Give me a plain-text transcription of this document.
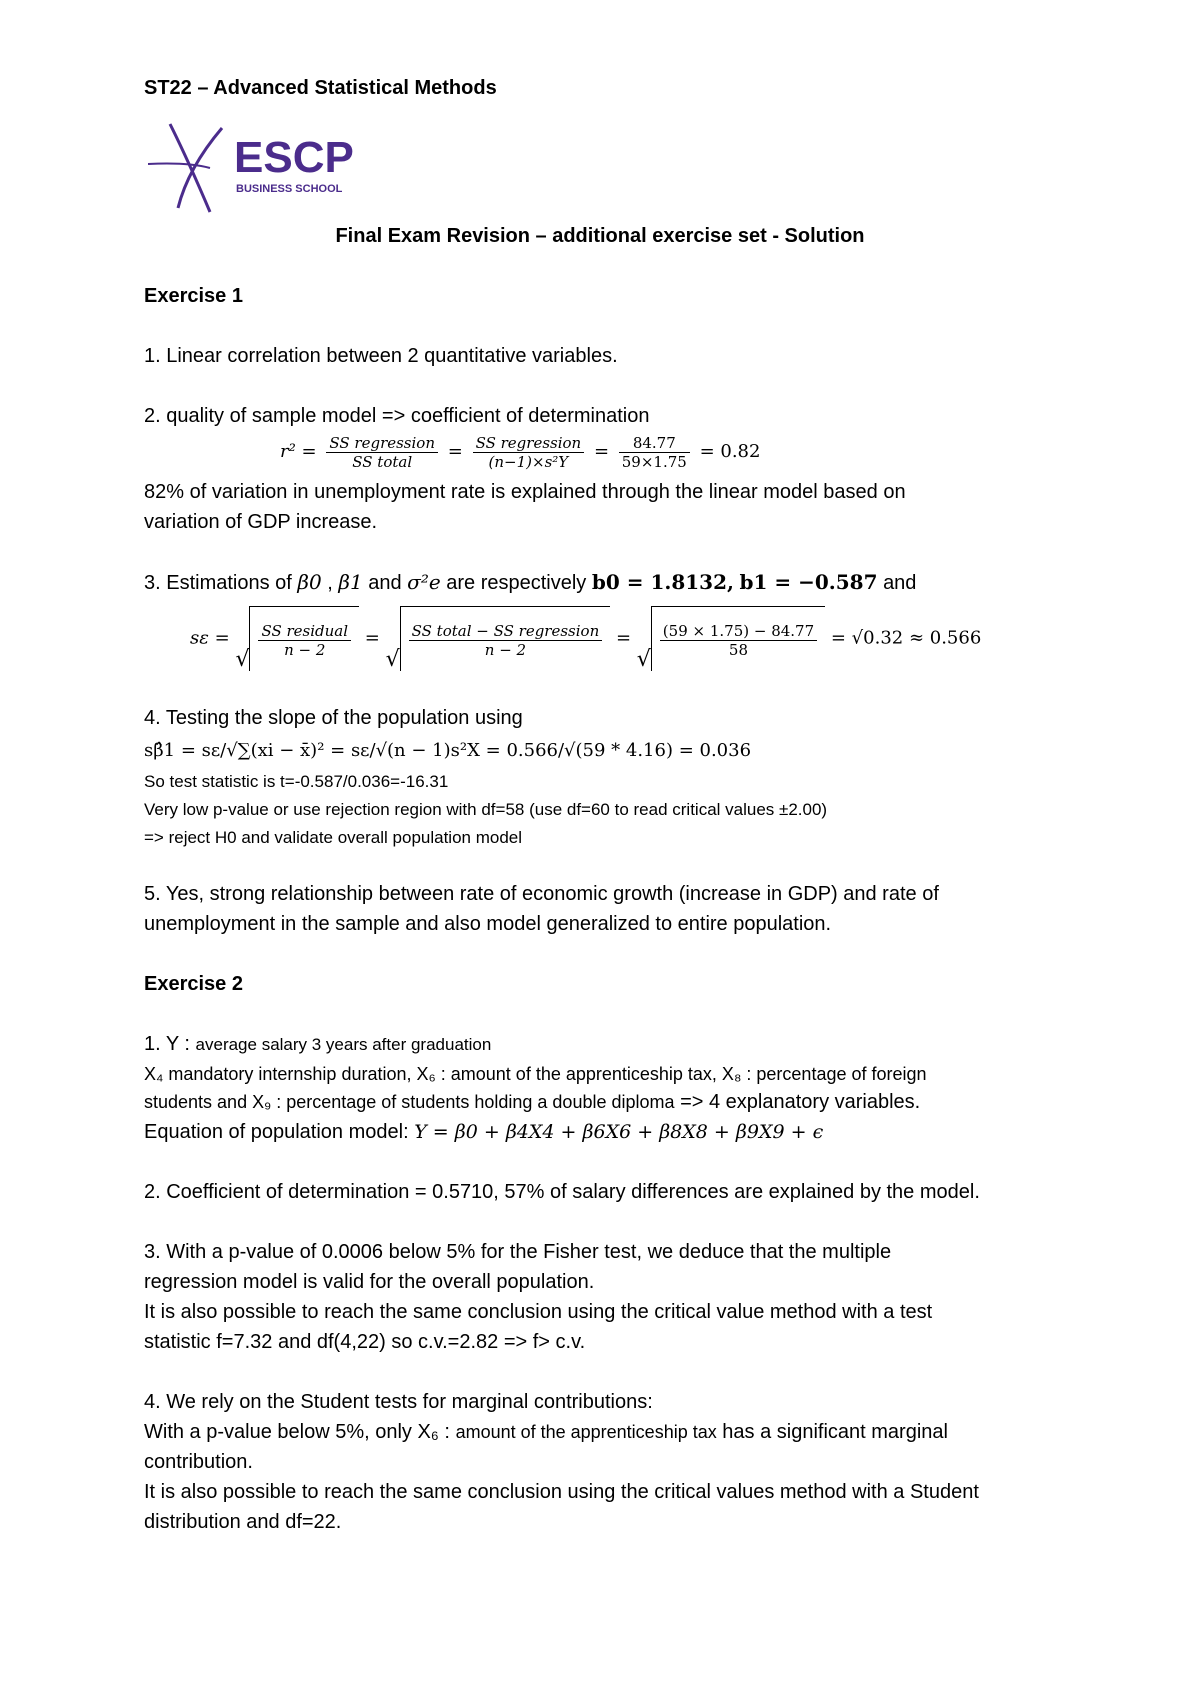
ST22 – Advanced Statistical Methods
ESCP
BUSINESS SCHOOL
Final Exam Revision – additional exercise set - Solution
Exercise 1
1. Linear correlation between 2 quantitative variables.
2. quality of sample model => coefficient of determination
$r^2 = \frac{\text{SS regression}}{\text{SS total}} = \frac{\text{SS regression}}{\text{(n−1)×s²Y}} = \frac{84.77}{59\times 1.75} = 0.82$
82% of variation in unemployment rate is explained through the linear model based on
variation of GDP increase.
3. Estimations of β0 , β1 and σ²e are respectively b0 = 1.8132, b1 = −0.587 and
sε =
√
$\frac{\text{SS residual}}{n - 2}$ =
√
$\frac{\text{SS total − SS regression}}{n - 2}$ =
√
$\frac{(59 \times 1.75) - 84.77}{58} = √0.32 \approx 0.566$
4. Testing the slope of the population using
sβ̂1 = sε/√∑(xi − x̄)² = sε/√(n − 1)s²X = 0.566/√(59 * 4.16) = 0.036
So test statistic is t=-0.587/0.036=-16.31
Very low p-value or use rejection region with df=58 (use df=60 to read critical values ±2.00)
=> reject H0 and validate overall population model
5. Yes, strong relationship between rate of economic growth (increase in GDP) and rate of
unemployment in the sample and also model generalized to entire population.
Exercise 2
1. Y : average salary 3 years after graduation
X₄ mandatory internship duration, X₆ : amount of the apprenticeship tax, X₈ : percentage of foreign
students and X₉ : percentage of students holding a double diploma => 4 explanatory variables.
Equation of population model: Y = β0 + β4X4 + β6X6 + β8X8 + β9X9 + ϵ
2. Coefficient of determination = 0.5710, 57% of salary differences are explained by the model.
3. With a p-value of 0.0006 below 5% for the Fisher test, we deduce that the multiple
regression model is valid for the overall population.
It is also possible to reach the same conclusion using the critical value method with a test
statistic f=7.32 and df(4,22) so c.v.=2.82 => f> c.v.
4. We rely on the Student tests for marginal contributions:
With a p-value below 5%, only X₆ : amount of the apprenticeship tax has a significant marginal
contribution.
It is also possible to reach the same conclusion using the critical values method with a Student
distribution and df=22.
